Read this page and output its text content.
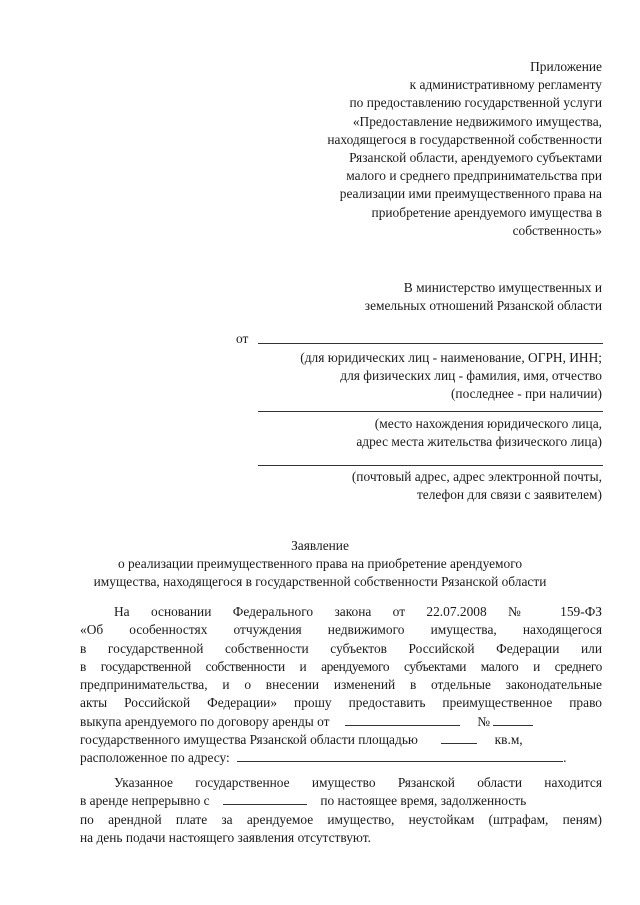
Приложение
к административному регламенту
по предоставлению государственной услуги
«Предоставление недвижимого имущества,
находящегося в государственной собственности
Рязанской области, арендуемого субъектами
малого и среднего предпринимательства при
реализации ими преимущественного права на
приобретение арендуемого имущества в
собственность»
В министерство имущественных и
земельных отношений Рязанской области
от
(для юридических лиц - наименование, ОГРН, ИНН;
для физических лиц - фамилия, имя, отчество
(последнее - при наличии)
(место нахождения юридического лица,
адрес места жительства физического лица)
(почтовый адрес, адрес электронной почты,
телефон для связи с заявителем)
Заявление
о реализации преимущественного права на приобретение арендуемого
имущества, находящегося в государственной собственности Рязанской области
На основании Федерального закона от 22.07.2008 № 159-ФЗ
«Об особенностях отчуждения недвижимого имущества, находящегося
в государственной собственности субъектов Российской Федерации или
в государственной собственности и арендуемого субъектами малого и среднего
предпринимательства, и о внесении изменений в отдельные законодательные
акты Российской Федерации» прошу предоставить преимущественное право
выкупа арендуемого по договору аренды от	№
государственного имущества Рязанской области площадью	кв.м,
расположенное по адресу:	.
Указанное государственное имущество Рязанской области находится
в аренде непрерывно с	по настоящее время, задолженность
по арендной плате за арендуемое имущество, неустойкам (штрафам, пеням)
на день подачи настоящего заявления отсутствуют.
